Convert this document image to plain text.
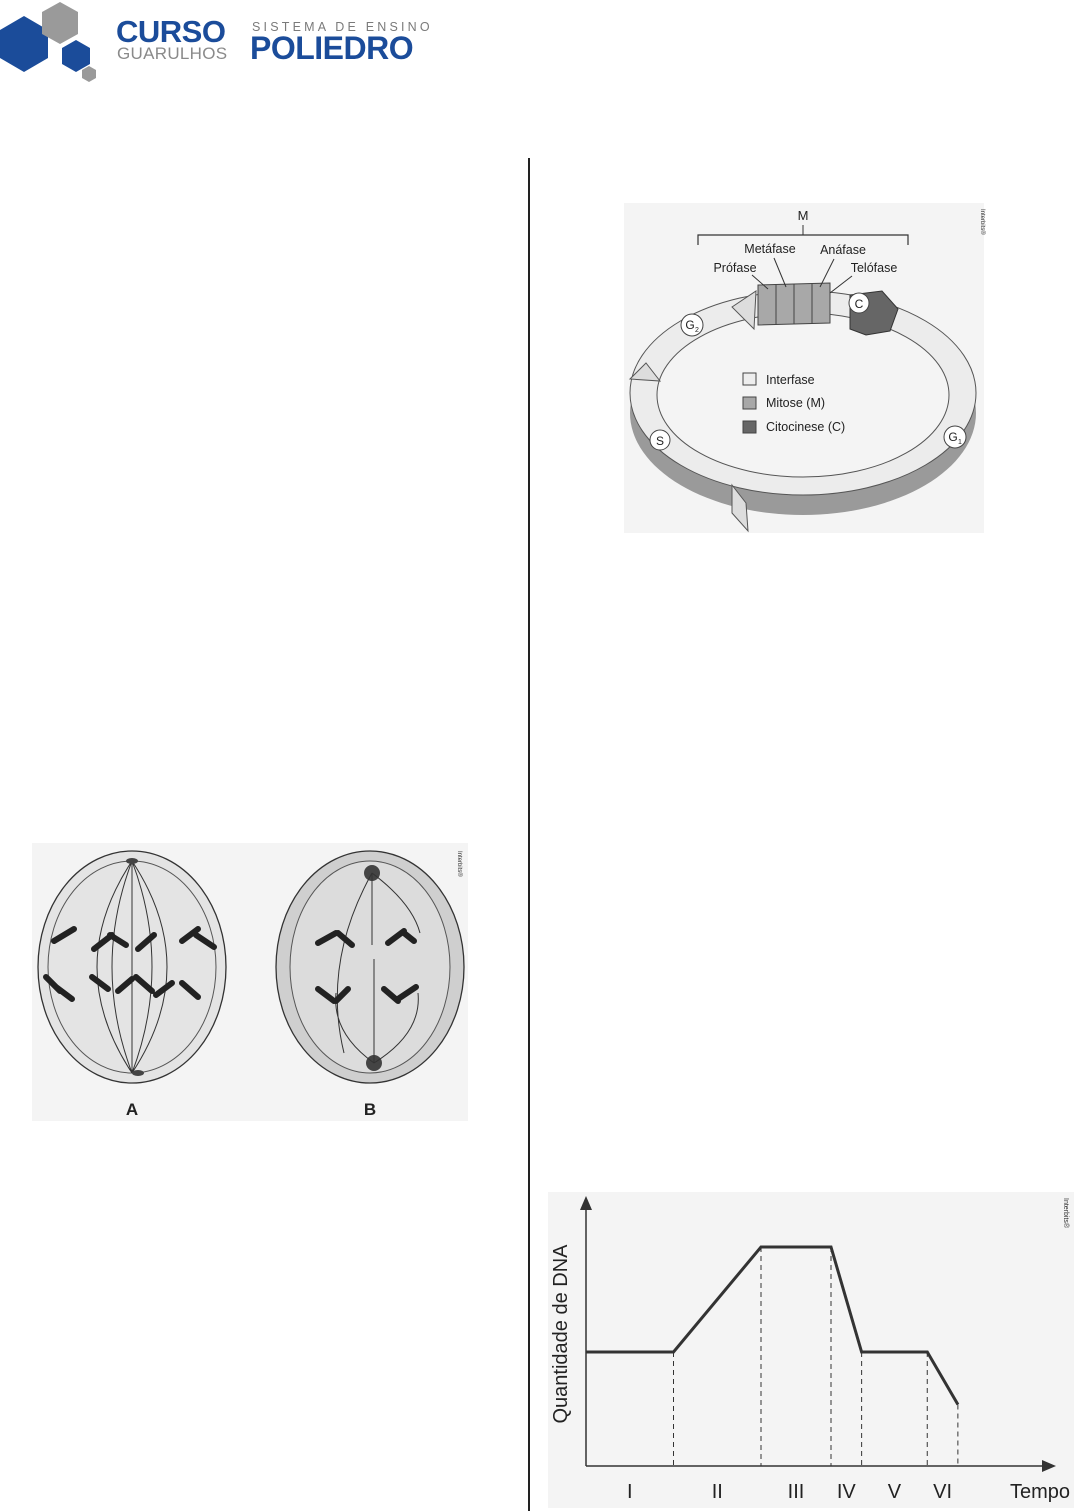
CURSO
GUARULHOS
SISTEMA DE ENSINO
POLIEDRO
M
Metáfase Anáfase
Prófase	Telófase
C
G 2
S	G 1
Interfase
Mitose (M)
Citocinese (C)
Interbits®
A	B
Interbits®
I	II	III IV V VI
Quantidade de DNA
Tempo
Interbits®
